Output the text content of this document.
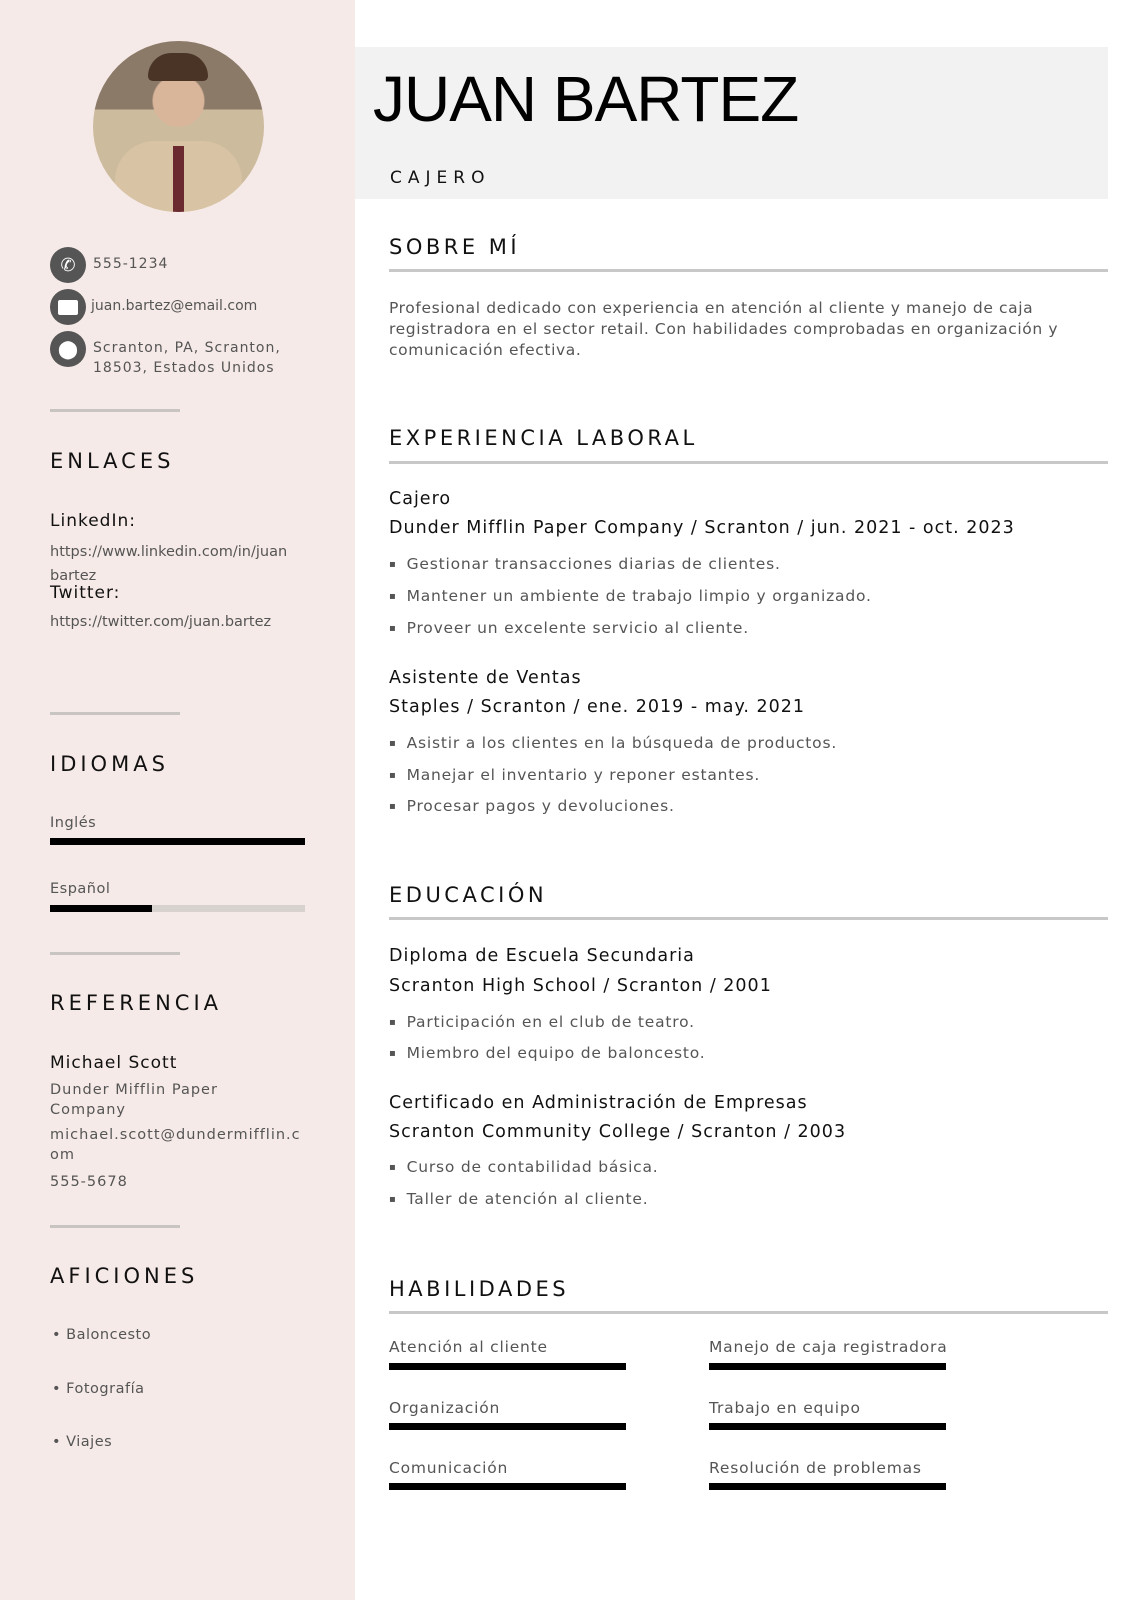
✆	555-1234
juan.bartez@email.com
⬤	Scranton, PA, Scranton, 18503, Estados Unidos
ENLACES
LinkedIn:
https://www.linkedin.com/in/juan bartez
Twitter:
https://twitter.com/juan.bartez
IDIOMAS
Inglés
Español
REFERENCIA
Michael Scott
Dunder Mifflin Paper Company
michael.scott@dundermifflin.com
555-5678
AFICIONES
• Baloncesto
• Fotografía
• Viajes
JUAN BARTEZ
CAJERO
SOBRE MÍ
Profesional dedicado con experiencia en atención al cliente y manejo de caja registradora en el sector retail. Con habilidades comprobadas en organización y comunicación efectiva.
EXPERIENCIA LABORAL
Cajero
Dunder Mifflin Paper Company / Scranton / jun. 2021 - oct. 2023
▪ Gestionar transacciones diarias de clientes.
▪ Mantener un ambiente de trabajo limpio y organizado.
▪ Proveer un excelente servicio al cliente.
Asistente de Ventas
Staples / Scranton / ene. 2019 - may. 2021
▪ Asistir a los clientes en la búsqueda de productos.
▪ Manejar el inventario y reponer estantes.
▪ Procesar pagos y devoluciones.
EDUCACIÓN
Diploma de Escuela Secundaria
Scranton High School / Scranton / 2001
▪ Participación en el club de teatro.
▪ Miembro del equipo de baloncesto.
Certificado en Administración de Empresas
Scranton Community College / Scranton / 2003
▪ Curso de contabilidad básica.
▪ Taller de atención al cliente.
HABILIDADES
Atención al cliente	Manejo de caja registradora
Organización	Trabajo en equipo
Comunicación	Resolución de problemas
